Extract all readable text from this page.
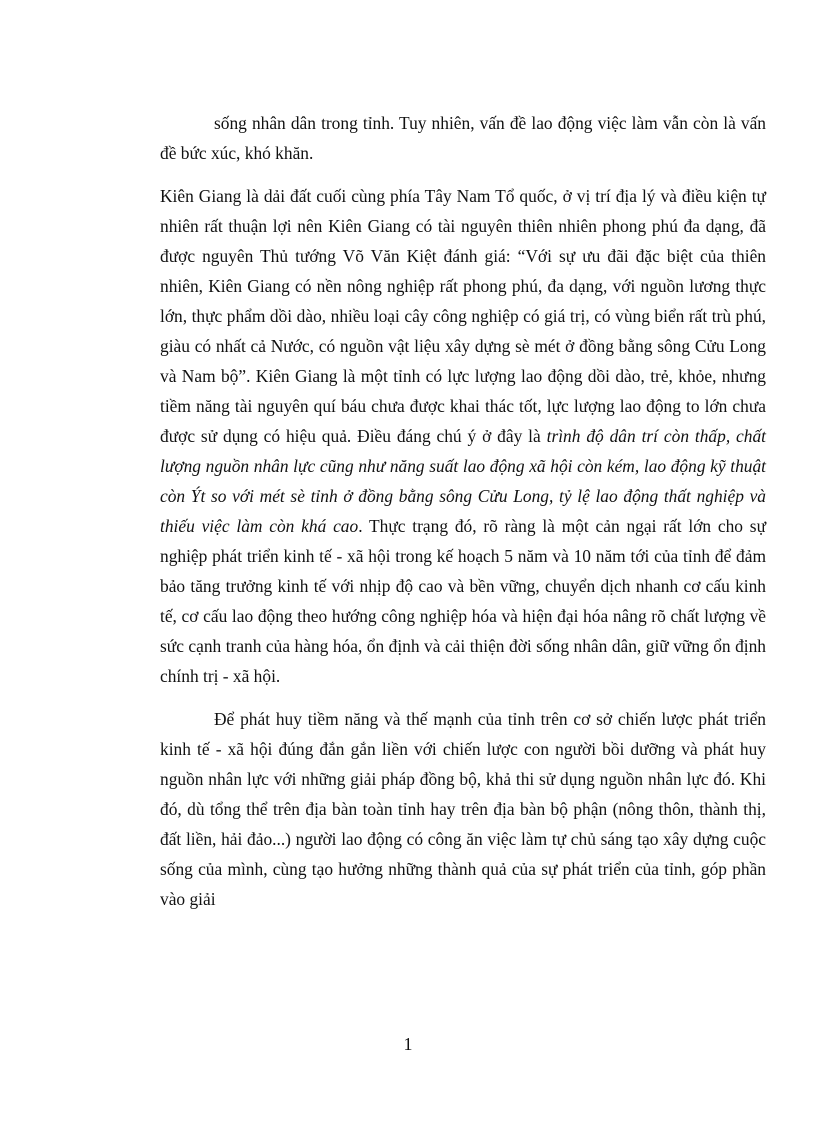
sống nhân dân trong tỉnh. Tuy nhiên, vấn đề lao động việc làm vẫn còn là vấn đề bức xúc, khó khăn.

Kiên Giang là dải đất cuối cùng phía Tây Nam Tổ quốc, ở vị trí địa lý và điều kiện tự nhiên rất thuận lợi nên Kiên Giang có tài nguyên thiên nhiên phong phú đa dạng, đã được nguyên Thủ tướng Võ Văn Kiệt đánh giá: “Với sự ưu đãi đặc biệt của thiên nhiên, Kiên Giang có nền nông nghiệp rất phong phú, đa dạng, với nguồn lương thực lớn, thực phẩm dồi dào, nhiều loại cây công nghiệp có giá trị, có vùng biển rất trù phú, giàu có nhất cả Nước, có nguồn vật liệu xây dựng sè mét ở đồng bằng sông Cửu Long và Nam bộ”. Kiên Giang là một tỉnh có lực lượng lao động dồi dào, trẻ, khỏe, nhưng tiềm năng tài nguyên quí báu chưa được khai thác tốt, lực lượng lao động to lớn chưa được sử dụng có hiệu quả. Điều đáng chú ý ở đây là trình độ dân trí còn thấp, chất lượng nguồn nhân lực cũng như năng suất lao động xã hội còn kém, lao động kỹ thuật còn Ýt so với mét sè tỉnh ở đồng bằng sông Cửu Long, tỷ lệ lao động thất nghiệp và thiếu việc làm còn khá cao. Thực trạng đó, rõ ràng là một cản ngại rất lớn cho sự nghiệp phát triển kinh tế - xã hội trong kế hoạch 5 năm và 10 năm tới của tỉnh để đảm bảo tăng trưởng kinh tế với nhịp độ cao và bền vững, chuyển dịch nhanh cơ cấu kinh tế, cơ cấu lao động theo hướng công nghiệp hóa và hiện đại hóa nâng rõ chất lượng về sức cạnh tranh của hàng hóa, ổn định và cải thiện đời sống nhân dân, giữ vững ổn định chính trị - xã hội.

Để phát huy tiềm năng và thế mạnh của tỉnh trên cơ sở chiến lược phát triển kinh tế - xã hội đúng đắn gắn liền với chiến lược con người bồi dưỡng và phát huy nguồn nhân lực với những giải pháp đồng bộ, khả thi sử dụng nguồn nhân lực đó. Khi đó, dù tổng thể trên địa bàn toàn tỉnh hay trên địa bàn bộ phận (nông thôn, thành thị, đất liền, hải đảo...) người lao động có công ăn việc làm tự chủ sáng tạo xây dựng cuộc sống của mình, cùng tạo hưởng những thành quả của sự phát triển của tỉnh, góp phần vào giải

1
